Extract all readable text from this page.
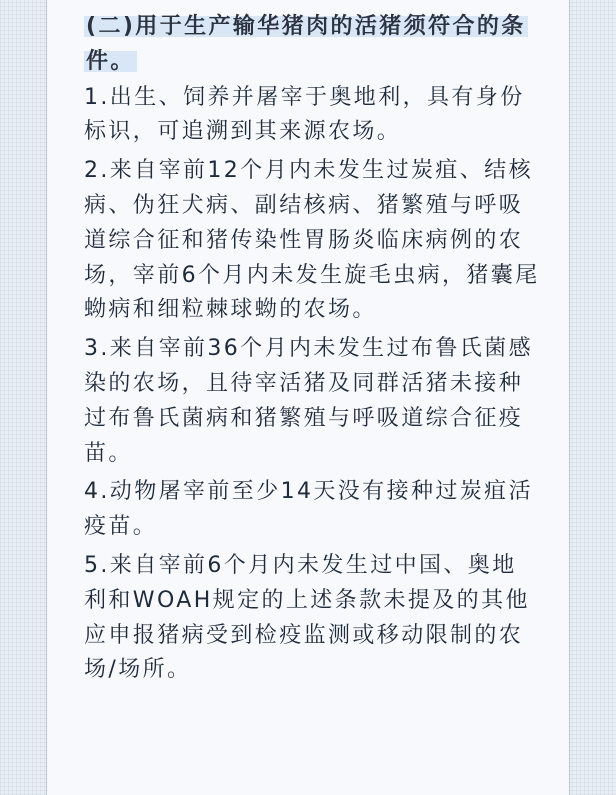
(二)用于生产输华猪肉的活猪须符合的条件。

1.出生、饲养并屠宰于奥地利，具有身份标识，可追溯到其来源农场。

2.来自宰前12个月内未发生过炭疽、结核病、伪狂犬病、副结核病、猪繁殖与呼吸道综合征和猪传染性胃肠炎临床病例的农场，宰前6个月内未发生旋毛虫病，猪囊尾蚴病和细粒棘球蚴的农场。

3.来自宰前36个月内未发生过布鲁氏菌感染的农场，且待宰活猪及同群活猪未接种过布鲁氏菌病和猪繁殖与呼吸道综合征疫苗。

4.动物屠宰前至少14天没有接种过炭疽活疫苗。

5.来自宰前6个月内未发生过中国、奥地利和WOAH规定的上述条款未提及的其他应申报猪病受到检疫监测或移动限制的农场/场所。
